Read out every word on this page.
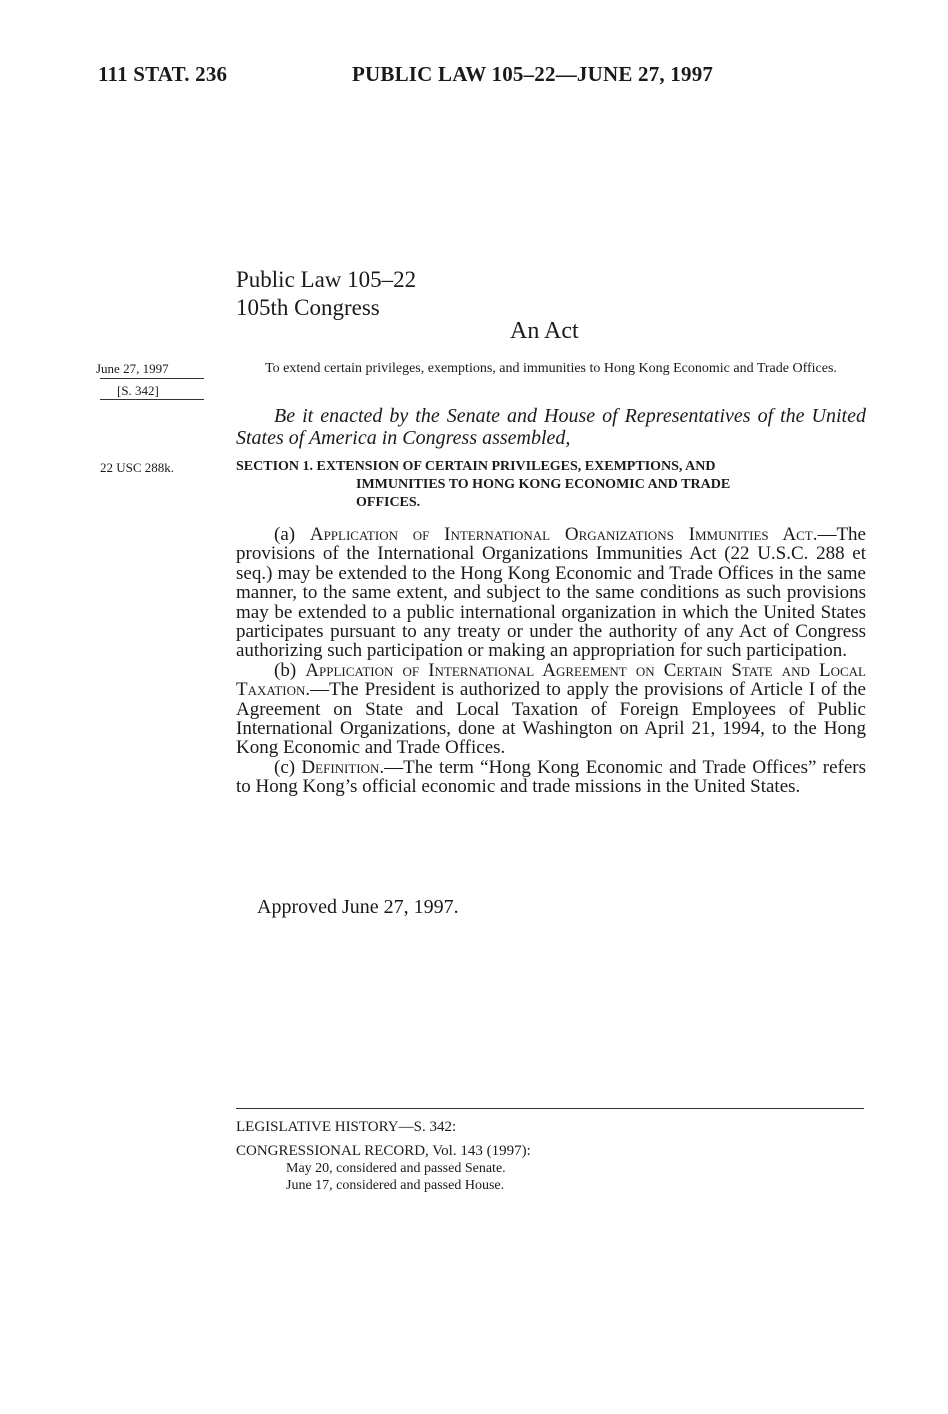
111 STAT. 236	PUBLIC LAW 105–22—JUNE 27, 1997
Public Law 105–22
105th Congress
An Act
June 27, 1997
[S. 342]
22 USC 288k.
To extend certain privileges, exemptions, and immunities to Hong Kong Economic and Trade Offices.
Be it enacted by the Senate and House of Representatives of the United States of America in Congress assembled,
SECTION 1. EXTENSION OF CERTAIN PRIVILEGES, EXEMPTIONS, AND
IMMUNITIES TO HONG KONG ECONOMIC AND TRADE
OFFICES.

(a) Application of International Organizations Immunities Act.—The provisions of the International Organizations Immunities Act (22 U.S.C. 288 et seq.) may be extended to the Hong Kong Economic and Trade Offices in the same manner, to the same extent, and subject to the same conditions as such provisions may be extended to a public international organization in which the United States participates pursuant to any treaty or under the authority of any Act of Congress authorizing such participation or making an appropriation for such participation.

(b) Application of International Agreement on Certain State and Local Taxation.—The President is authorized to apply the provisions of Article I of the Agreement on State and Local Taxation of Foreign Employees of Public International Organizations, done at Washington on April 21, 1994, to the Hong Kong Economic and Trade Offices.

(c) Definition.—The term “Hong Kong Economic and Trade Offices” refers to Hong Kong’s official economic and trade missions in the United States.

Approved June 27, 1997.
LEGISLATIVE HISTORY—S. 342:
CONGRESSIONAL RECORD, Vol. 143 (1997):
May 20, considered and passed Senate.
June 17, considered and passed House.
